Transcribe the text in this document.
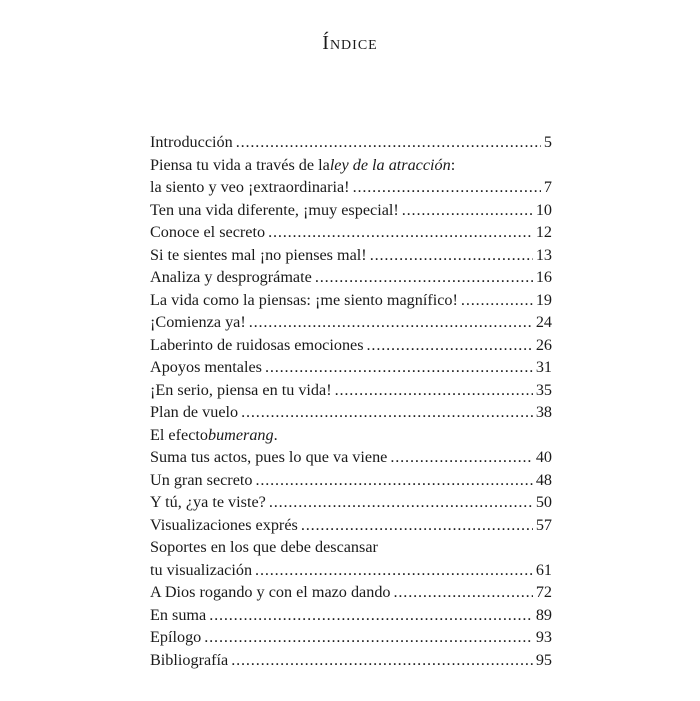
Índice
Introducción . . .	5
Piensa tu vida a través de la ley de la atracción :
la siento y veo ¡extraordinaria! . . .	7
Ten una vida diferente, ¡muy especial! . . .	10
Conoce el secreto . . .	12
Si te sientes mal ¡no pienses mal! . . .	13
Analiza y desprográmate . . .	16
La vida como la piensas: ¡me siento magnífico! . . .	19
¡Comienza ya! . . .	24
Laberinto de ruidosas emociones . . .	26
Apoyos mentales . . .	31
¡En serio, piensa en tu vida! . . .	35
Plan de vuelo . . .	38
El efecto bumerang .
Suma tus actos, pues lo que va viene . . .	40
Un gran secreto . . .	48
Y tú, ¿ya te viste? . . .	50
Visualizaciones exprés . . .	57
Soportes en los que debe descansar
tu visualización . . .	61
A Dios rogando y con el mazo dando . . .	72
En suma . . .	89
Epílogo . . .	93
Bibliografía . . .	95
